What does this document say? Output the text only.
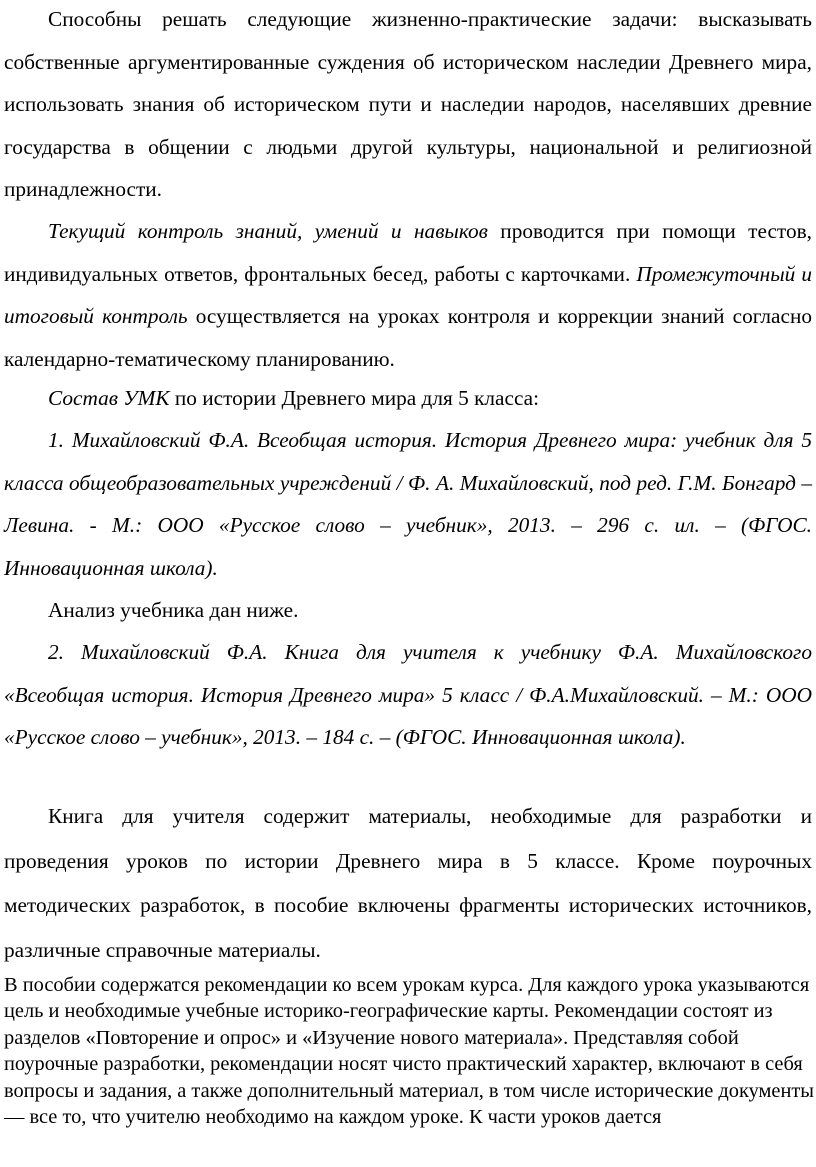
Способны решать следующие жизненно-практические задачи: высказывать собственные аргументированные суждения об историческом наследии Древнего мира, использовать знания об историческом пути и наследии народов, населявших древние государства в общении с людьми другой культуры, национальной и религиозной принадлежности.

Текущий контроль знаний, умений и навыков проводится при помощи тестов, индивидуальных ответов, фронтальных бесед, работы с карточками. Промежуточный и итоговый контроль осуществляется на уроках контроля и коррекции знаний согласно календарно-тематическому планированию.

Состав УМК по истории Древнего мира для 5 класса:

1. Михайловский Ф.А. Всеобщая история. История Древнего мира: учебник для 5 класса общеобразовательных учреждений / Ф. А. Михайловский, под ред. Г.М. Бонгард –Левина. - М.: ООО «Русское слово – учебник», 2013. – 296 с. ил. – (ФГОС. Инновационная школа).

Анализ учебника дан ниже.

2. Михайловский Ф.А. Книга для учителя к учебнику Ф.А. Михайловского «Всеобщая история. История Древнего мира» 5 класс / Ф.А.Михайловский. – М.: ООО «Русское слово – учебник», 2013. – 184 с. – (ФГОС. Инновационная школа).

Книга для учителя содержит материалы, необходимые для разработки и проведения уроков по истории Древнего мира в 5 классе. Кроме поурочных методических разработок, в пособие включены фрагменты исторических источников, различные справочные материалы.

В пособии содержатся рекомендации ко всем урокам курса. Для каждого урока указываются цель и необходимые учебные историко-географические карты. Рекомендации состоят из разделов «Повторение и опрос» и «Изучение нового материала». Представляя собой поурочные разработки, рекомендации носят чисто практический характер, включают в себя вопросы и задания, а также дополнительный материал, в том числе исторические документы — все то, что учителю необходимо на каждом уроке. К части уроков дается
